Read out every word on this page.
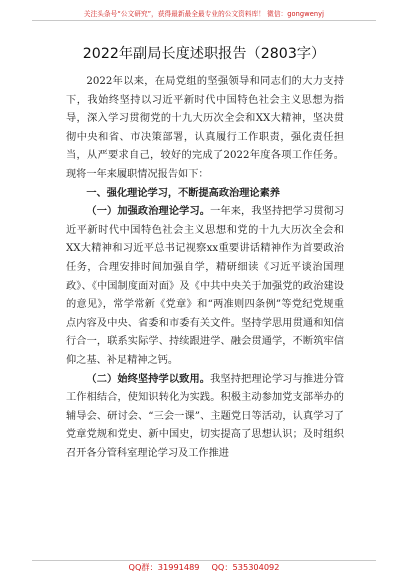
关注头条号“公文研究”，获得最新最全最专业的公文资料库！ 微信：gongwenyj
2022年副局长度述职报告（2803字）

2022年以来，在局党组的坚强领导和同志们的大力支持下，我始终坚持以习近平新时代中国特色社会主义思想为指导，深入学习贯彻党的十九大历次全会和XX大精神，坚决贯彻中央和省、市决策部署，认真履行工作职责，强化责任担当，从严要求自己，较好的完成了2022年度各项工作任务。现将一年来履职情况报告如下：

一、强化理论学习，不断提高政治理论素养

（一）加强政治理论学习。一年来，我坚持把学习贯彻习近平新时代中国特色社会主义思想和党的十九大历次全会和XX大精神和习近平总书记视察xx重要讲话精神作为首要政治任务，合理安排时间加强自学，精研细读《习近平谈治国理政》、《中国制度面对面》及《中共中央关于加强党的政治建设的意见》，常学常新《党章》和“两准则四条例”等党纪党规重点内容及中央、省委和市委有关文件。坚持学思用贯通和知信行合一，联系实际学、持续跟进学、融会贯通学，不断筑牢信仰之基、补足精神之钙。

（二）始终坚持学以致用。我坚持把理论学习与推进分管工作相结合，使知识转化为实践。积极主动参加党支部举办的辅导会、研讨会、“三会一课”、主题党日等活动，认真学习了党章党规和党史、新中国史，切实提高了思想认识；及时组织召开各分管科室理论学习及工作推进

QQ群：31991489 QQ：535304092
